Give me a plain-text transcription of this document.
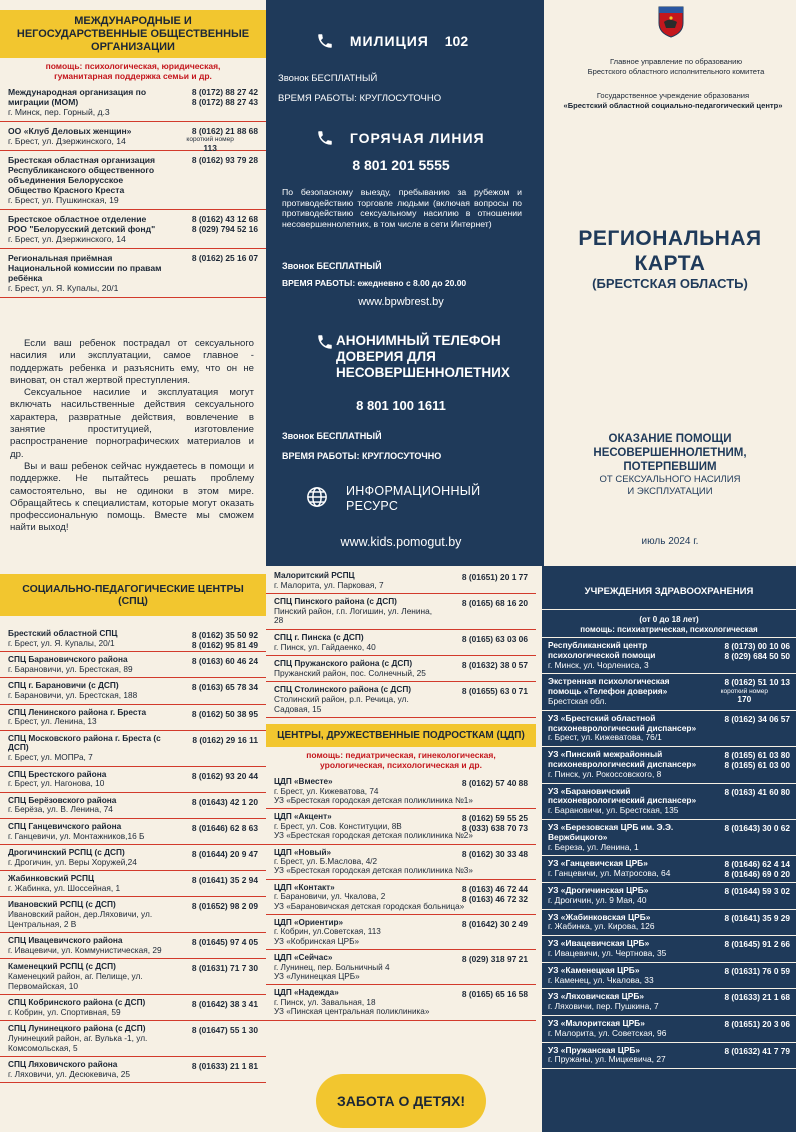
МЕЖДУНАРОДНЫЕ И НЕГОСУДАРСТВЕННЫЕ ОБЩЕСТВЕННЫЕ ОРГАНИЗАЦИИ
помощь: психологическая, юридическая, гуманитарная поддержка семьи и др.
Международная организация по миграции (МОМ)
г. Минск, пер. Горный, д.3
8 (0172) 88 27 42
8 (0172) 88 27 43
ОО «Клуб Деловых женщин»
г. Брест, ул. Дзержинского, 14
8 (0162) 21 88 68
короткий номер
113
Брестская областная организация Республиканского общественного объединения Белорусское Общество Красного Креста
г. Брест, ул. Пушкинская, 19
8 (0162) 93 79 28
Брестское областное отделение РОО "Белорусский детский фонд"
г. Брест, ул. Дзержинского, 14
8 (0162) 43 12 68
8 (029) 794 52 16
Региональная приёмная Национальной комиссии по правам ребёнка
г. Брест, ул. Я. Купалы, 20/1
8 (0162) 25 16 07

Если ваш ребенок пострадал от сексуального насилия или эксплуатации, самое главное - поддержать ребенка и разъяснить ему, что он не виноват, он стал жертвой преступления.

Сексуальное насилие и эксплуатация могут включать насильственные действия сексуального характера, развратные действия, вовлечение в занятие проституцией, изготовление распространение порнографических материалов и др.

Вы и ваш ребенок сейчас нуждаетесь в помощи и поддержке. Не пытайтесь решать проблему самостоятельно, вы не одиноки в этом мире. Обращайтесь к специалистам, которые могут оказать профессиональную помощь. Вместе мы сможем найти выход!

МИЛИЦИЯ 102
Звонок БЕСПЛАТНЫЙ
ВРЕМЯ РАБОТЫ: КРУГЛОСУТОЧНО
ГОРЯЧАЯ ЛИНИЯ
8 801 201 5555
По безопасному выезду, пребыванию за рубежом и противодействию торговле людьми (включая вопросы по противодействию сексуальному насилию в отношении несовершеннолетних, в том числе в сети Интернет)
Звонок БЕСПЛАТНЫЙ
ВРЕМЯ РАБОТЫ: ежедневно с 8.00 до 20.00
www.bpwbrest.by
АНОНИМНЫЙ ТЕЛЕФОН ДОВЕРИЯ ДЛЯ НЕСОВЕРШЕННОЛЕТНИХ
8 801 100 1611
Звонок БЕСПЛАТНЫЙ
ВРЕМЯ РАБОТЫ: КРУГЛОСУТОЧНО
ИНФОРМАЦИОННЫЙ РЕСУРС
www.kids.pomogut.by
Главное управление по образованию
Брестского областного исполнительного комитета
Государственное учреждение образования
«Брестский областной социально-педагогический центр»
РЕГИОНАЛЬНАЯ
КАРТА
(БРЕСТСКАЯ ОБЛАСТЬ)
ОКАЗАНИЕ ПОМОЩИ
НЕСОВЕРШЕННОЛЕТНИМ,
ПОТЕРПЕВШИМ
ОТ СЕКСУАЛЬНОГО НАСИЛИЯ
И ЭКСПЛУАТАЦИИ
июль 2024 г.
СОЦИАЛЬНО-ПЕДАГОГИЧЕСКИЕ ЦЕНТРЫ (СПЦ)
Брестский областной СПЦ
г. Брест, ул. Я. Купалы, 20/1
8 (0162) 35 50 92
8 (0162) 95 81 49
СПЦ Барановичского района
г. Барановичи, ул. Брестская, 89
8 (0163) 60 46 24
СПЦ г. Барановичи (с ДСП)
г. Барановичи, ул. Брестская, 188
8 (0163) 65 78 34
СПЦ Ленинского района г. Бреста
г. Брест, ул. Ленина, 13
8 (0162) 50 38 95
СПЦ Московского района г. Бреста (с ДСП)
г. Брест, ул. МОПРа, 7
8 (0162) 29 16 11
СПЦ Брестского района
г. Брест, ул. Нагонова, 10
8 (0162) 93 20 44
СПЦ Берёзовского района
г. Берёза, ул. В. Ленина, 74
8 (01643) 42 1 20
СПЦ Ганцевичского района
г. Ганцевичи, ул. Монтажников,16 Б
8 (01646) 62 8 63
Дрогичинский РСПЦ (с ДСП)
г. Дрогичин, ул. Веры Хоружей,24
8 (01644) 20 9 47
Жабинковский РСПЦ
г. Жабинка, ул. Шоссейная, 1
8 (01641) 35 2 94
Ивановский РСПЦ (с ДСП)
Ивановский район, дер.Ляховичи, ул. Центральная, 2 В
8 (01652) 98 2 09
СПЦ Ивацевичского района
г. Ивацевичи, ул. Коммунистическая, 29
8 (01645) 97 4 05
Каменецкий РСПЦ (с ДСП)
Каменецкий район, аг. Пелище, ул. Первомайская, 10
8 (01631) 71 7 30
СПЦ Кобринского района (с ДСП)
г. Кобрин, ул. Спортивная, 59
8 (01642) 38 3 41
СПЦ Лунинецкого района (с ДСП)
Лунинецкий район, аг. Вулька -1, ул. Комсомольская, 5
8 (01647) 55 1 30
СПЦ Ляховичского района
г. Ляховичи, ул. Десюкевича, 25
8 (01633) 21 1 81
Малоритский РСПЦ
г. Малорита, ул. Парковая, 7
8 (01651) 20 1 77
СПЦ Пинского района (с ДСП)
Пинский район, г.п. Логишин, ул. Ленина, 28
8 (0165) 68 16 20
СПЦ г. Пинска (с ДСП)
г. Пинск, ул. Гайдаенко, 40
8 (0165) 63 03 06
СПЦ Пружанского района (с ДСП)
Пружанский район, пос. Солнечный, 25
8 (01632) 38 0 57
СПЦ Столинского района (с ДСП)
Столинский район, р.п. Речица, ул. Садовая, 15
8 (01655) 63 0 71
ЦЕНТРЫ, ДРУЖЕСТВЕННЫЕ ПОДРОСТКАМ (ЦДП)
помощь: педиатрическая, гинекологическая, урологическая, психологическая и др.
ЦДП «Вместе»
г. Брест, ул. Кижеватова, 74
УЗ «Брестская городская детская поликлиника №1»
8 (0162) 57 40 88
ЦДП «Акцент»
г. Брест, ул. Сов. Конституции, 8В
УЗ «Брестская городская детская поликлиника №2»
8 (0162) 59 55 25
8 (033) 638 70 73
ЦДП «Новый»
г. Брест, ул. Б.Маслова, 4/2
УЗ «Брестская городская детская поликлиника №3»
8 (0162) 30 33 48
ЦДП «Контакт»
г. Барановичи, ул. Чкалова, 2
УЗ «Барановичская детская городская больница»
8 (0163) 46 72 44
8 (0163) 46 72 32
ЦДП «Ориентир»
г. Кобрин, ул.Советская, 113
УЗ «Кобринская ЦРБ»
8 (01642) 30 2 49
ЦДП «Сейчас»
г. Лунинец, пер. Больничный 4
УЗ «Лунинецкая ЦРБ»
8 (029) 318 97 21
ЦДП «Надежда»
г. Пинск, ул. Завальная, 18
УЗ «Пинская центральная поликлиника»
8 (0165) 65 16 58
ЗАБОТА О ДЕТЯХ!
УЧРЕЖДЕНИЯ ЗДРАВООХРАНЕНИЯ
(от 0 до 18 лет)
помощь: психиатрическая, психологическая
Республиканский центр психологической помощи
г. Минск, ул. Чорлениса, 3
8 (0173) 00 10 06
8 (029) 684 50 50
Экстренная психологическая помощь «Телефон доверия»
Брестская обл.
8 (0162) 51 10 13
короткий номер
170
УЗ «Брестский областной психоневрологический диспансер»
г. Брест, ул. Кижеватова, 76/1
8 (0162) 34 06 57
УЗ «Пинский межрайонный психоневрологический диспансер»
г. Пинск, ул. Рокоссовского, 8
8 (0165) 61 03 80
8 (0165) 61 03 00
УЗ «Барановичский психоневрологический диспансер»
г. Барановичи, ул. Брестская, 135
8 (0163) 41 60 80
УЗ «Березовская ЦРБ им. Э.Э. Вержбицкого»
г. Береза, ул. Ленина, 1
8 (01643) 30 0 62
УЗ «Ганцевичская ЦРБ»
г. Ганцевичи, ул. Матросова, 64
8 (01646) 62 4 14
8 (01646) 69 0 20
УЗ «Дрогичинская ЦРБ»
г. Дрогичин, ул. 9 Мая, 40
8 (01644) 59 3 02
УЗ «Жабинковская ЦРБ»
г. Жабинка, ул. Кирова, 126
8 (01641) 35 9 29
УЗ «Ивацевичская ЦРБ»
г. Ивацевичи, ул. Чертнова, 35
8 (01645) 91 2 66
УЗ «Каменецкая ЦРБ»
г. Каменец, ул. Чкалова, 33
8 (01631) 76 0 59
УЗ «Ляховичская ЦРБ»
г. Ляховичи, пер. Пушкина, 7
8 (01633) 21 1 68
УЗ «Малоритская ЦРБ»
г. Малорита, ул. Советская, 96
8 (01651) 20 3 06
УЗ «Пружанская ЦРБ»
г. Пружаны, ул. Мицкевича, 27
8 (01632) 41 7 79
